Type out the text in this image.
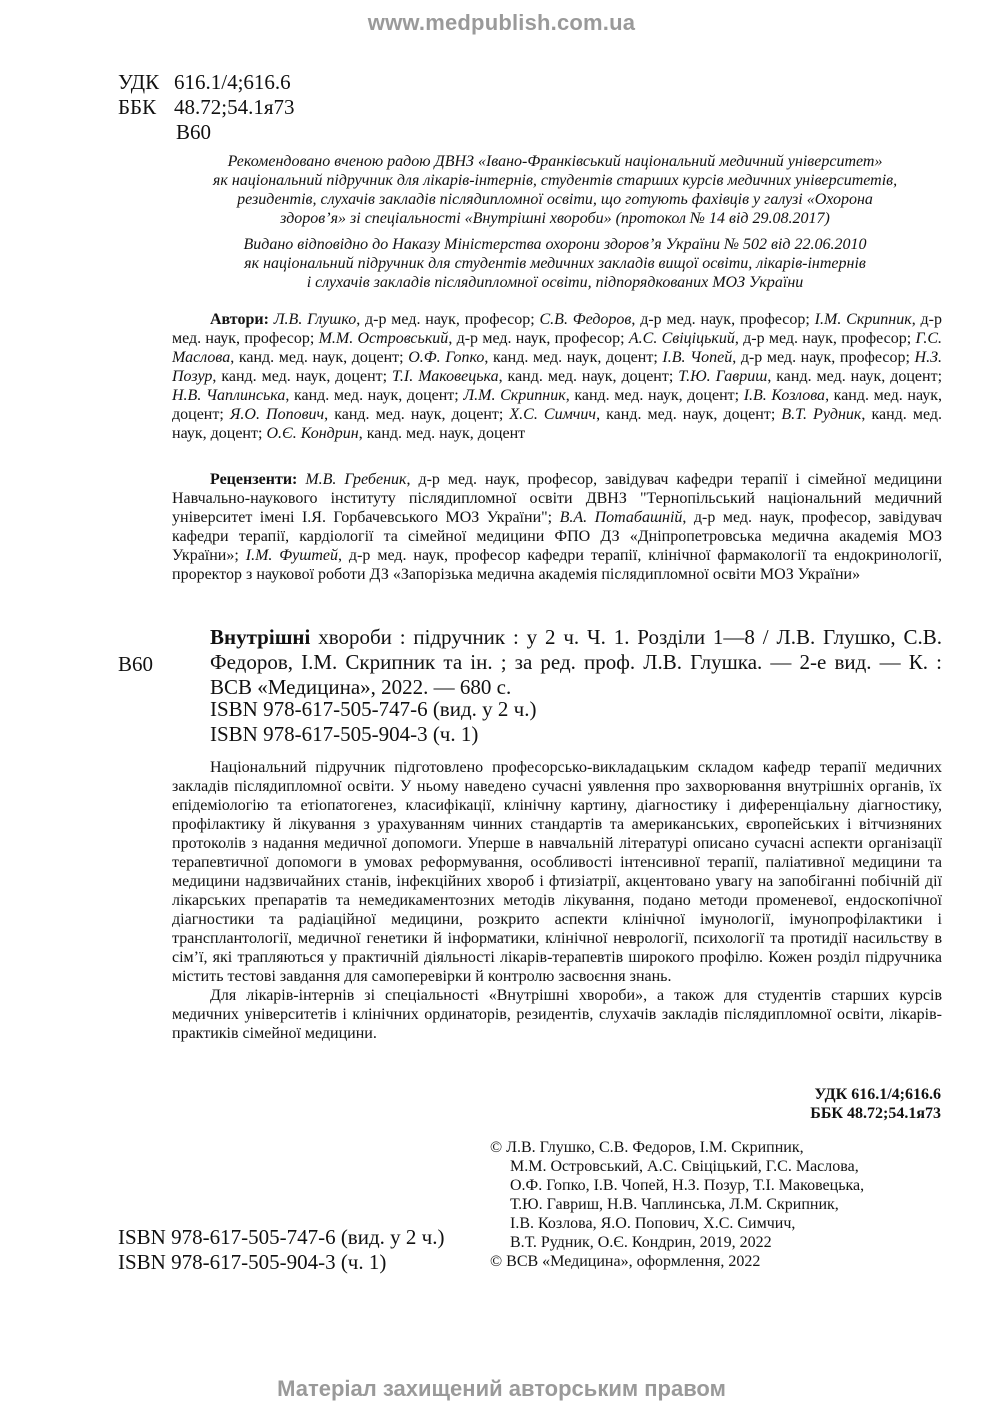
www.medpublish.com.ua
УДК 616.1/4;616.6
ББК 48.72;54.1я73
В60

Рекомендовано вченою радою ДВНЗ «Івано-Франківський національний медичний університет»

як національний підручник для лікарів-інтернів, студентів старших курсів медичних університетів,

резидентів, слухачів закладів післядипломної освіти, що готують фахівців у галузі «Охорона

здоров’я» зі спеціальності «Внутрішні хвороби» (протокол № 14 від 29.08.2017)

Видано відповідно до Наказу Міністерства охорони здоров’я України № 502 від 22.06.2010

як національний підручник для студентів медичних закладів вищої освіти, лікарів-інтернів

і слухачів закладів післядипломної освіти, підпорядкованих МОЗ України

Автори: Л.В. Глушко, д-р мед. наук, професор; С.В. Федоров, д-р мед. наук, професор; І.М. Скрипник, д-р мед. наук, професор; М.М. Островський, д-р мед. наук, професор; А.С. Свіціцький, д-р мед. наук, професор; Г.С. Маслова, канд. мед. наук, доцент; О.Ф. Гопко, канд. мед. наук, доцент; І.В. Чопей, д-р мед. наук, професор; Н.З. Позур, канд. мед. наук, доцент; Т.І. Маковецька, канд. мед. наук, доцент; Т.Ю. Гавриш, канд. мед. наук, доцент; Н.В. Чаплинська, канд. мед. наук, доцент; Л.М. Скрипник, канд. мед. наук, доцент; І.В. Козлова, канд. мед. наук, доцент; Я.О. Попович, канд. мед. наук, доцент; Х.С. Симчич, канд. мед. наук, доцент; В.Т. Рудник, канд. мед. наук, доцент; О.Є. Кондрин, канд. мед. наук, доцент

Рецензенти: М.В. Гребеник, д-р мед. наук, професор, завідувач кафедри терапії і сімейної медицини Навчально-наукового інституту післядипломної освіти ДВНЗ "Тернопільський національний медичний університет імені І.Я. Горбачевського МОЗ України"; В.А. Потабашній, д-р мед. наук, професор, завідувач кафедри терапії, кардіології та сімейної медицини ФПО ДЗ «Дніпропетровська медична академія МОЗ України»; І.М. Фуштей, д-р мед. наук, професор кафедри терапії, клінічної фармакології та ендокринології, проректор з наукової роботи ДЗ «Запорізька медична академія післядипломної освіти МОЗ України»

В60

Внутрішні хвороби : підручник : у 2 ч. Ч. 1. Розділи 1—8 / Л.В. Глушко, С.В. Федоров, І.М. Скрипник та ін. ; за ред. проф. Л.В. Глушка. — 2-е вид. — К. : ВСВ «Медицина», 2022. — 680 с.

ISBN 978-617-505-747-6 (вид. у 2 ч.)
ISBN 978-617-505-904-3 (ч. 1)

Національний підручник підготовлено професорсько-викладацьким складом кафедр терапії медичних закладів післядипломної освіти. У ньому наведено сучасні уявлення про захворювання внутрішніх органів, їх епідеміологію та етіопатогенез, класифікації, клінічну картину, діагностику і диференціальну діагностику, профілактику й лікування з урахуванням чинних стандартів та американських, європейських і вітчизняних протоколів з надання медичної допомоги. Уперше в навчальній літературі описано сучасні аспекти організації терапевтичної допомоги в умовах реформування, особливості інтенсивної терапії, паліативної медицини та медицини надзвичайних станів, інфекційних хвороб і фтизіатрії, акцентовано увагу на запобіганні побічній дії лікарських препаратів та немедикаментозних методів лікування, подано методи променевої, ендоскопічної діагностики та радіаційної медицини, розкрито аспекти клінічної імунології, імунопрофілактики і трансплантології, медичної генетики й інформатики, клінічної неврології, психології та протидії насильству в сім’ї, які трапляються у практичній діяльності лікарів-терапевтів широкого профілю. Кожен розділ підручника містить тестові завдання для самоперевірки й контролю засвоєння знань.

Для лікарів-інтернів зі спеціальності «Внутрішні хвороби», а також для студентів старших курсів медичних університетів і клінічних ординаторів, резидентів, слухачів закладів післядипломної освіти, лікарів-практиків сімейної медицини.

УДК 616.1/4;616.6
ББК 48.72;54.1я73

© Л.В. Глушко, С.В. Федоров, І.М. Скрипник,

М.М. Островський, А.С. Свіціцький, Г.С. Маслова,

О.Ф. Гопко, І.В. Чопей, Н.З. Позур, Т.І. Маковецька,

Т.Ю. Гавриш, Н.В. Чаплинська, Л.М. Скрипник,

І.В. Козлова, Я.О. Попович, Х.С. Симчич,

В.Т. Рудник, О.Є. Кондрин, 2019, 2022

© ВСВ «Медицина», оформлення, 2022

ISBN 978-617-505-747-6 (вид. у 2 ч.)
ISBN 978-617-505-904-3 (ч. 1)
Матеріал захищений авторським правом
